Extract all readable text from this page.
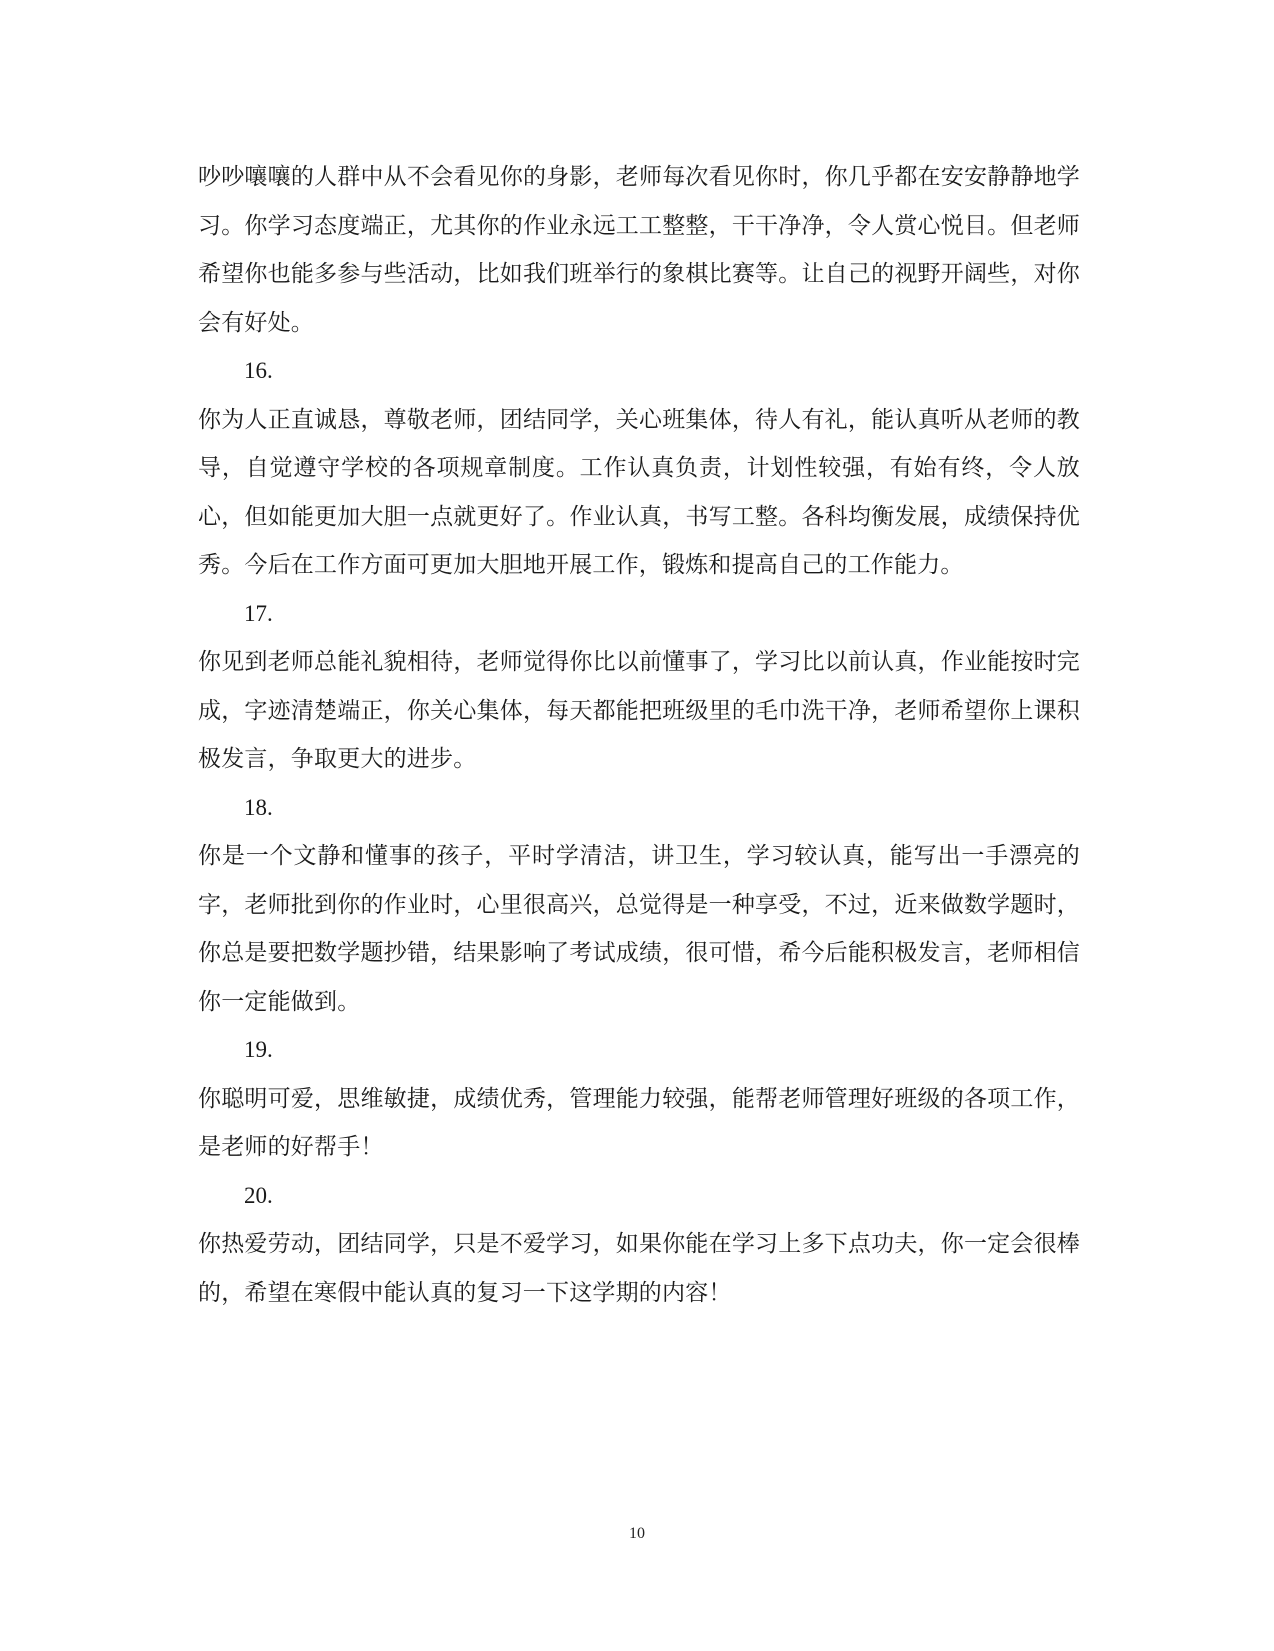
吵吵嚷嚷的人群中从不会看见你的身影，老师每次看见你时，你几乎都在安安静静地学习。你学习态度端正，尤其你的作业永远工工整整，干干净净，令人赏心悦目。但老师希望你也能多参与些活动，比如我们班举行的象棋比赛等。让自己的视野开阔些，对你会有好处。

16.

你为人正直诚恳，尊敬老师，团结同学，关心班集体，待人有礼，能认真听从老师的教导，自觉遵守学校的各项规章制度。工作认真负责，计划性较强，有始有终，令人放心，但如能更加大胆一点就更好了。作业认真，书写工整。各科均衡发展，成绩保持优秀。今后在工作方面可更加大胆地开展工作，锻炼和提高自己的工作能力。

17.

你见到老师总能礼貌相待，老师觉得你比以前懂事了，学习比以前认真，作业能按时完成，字迹清楚端正，你关心集体，每天都能把班级里的毛巾洗干净，老师希望你上课积极发言，争取更大的进步。

18.

你是一个文静和懂事的孩子，平时学清洁，讲卫生，学习较认真，能写出一手漂亮的字，老师批到你的作业时，心里很高兴，总觉得是一种享受，不过，近来做数学题时，你总是要把数学题抄错，结果影响了考试成绩，很可惜，希今后能积极发言，老师相信你一定能做到。

19.

你聪明可爱，思维敏捷，成绩优秀，管理能力较强，能帮老师管理好班级的各项工作，是老师的好帮手！

20.

你热爱劳动，团结同学，只是不爱学习，如果你能在学习上多下点功夫，你一定会很棒的，希望在寒假中能认真的复习一下这学期的内容！

10
